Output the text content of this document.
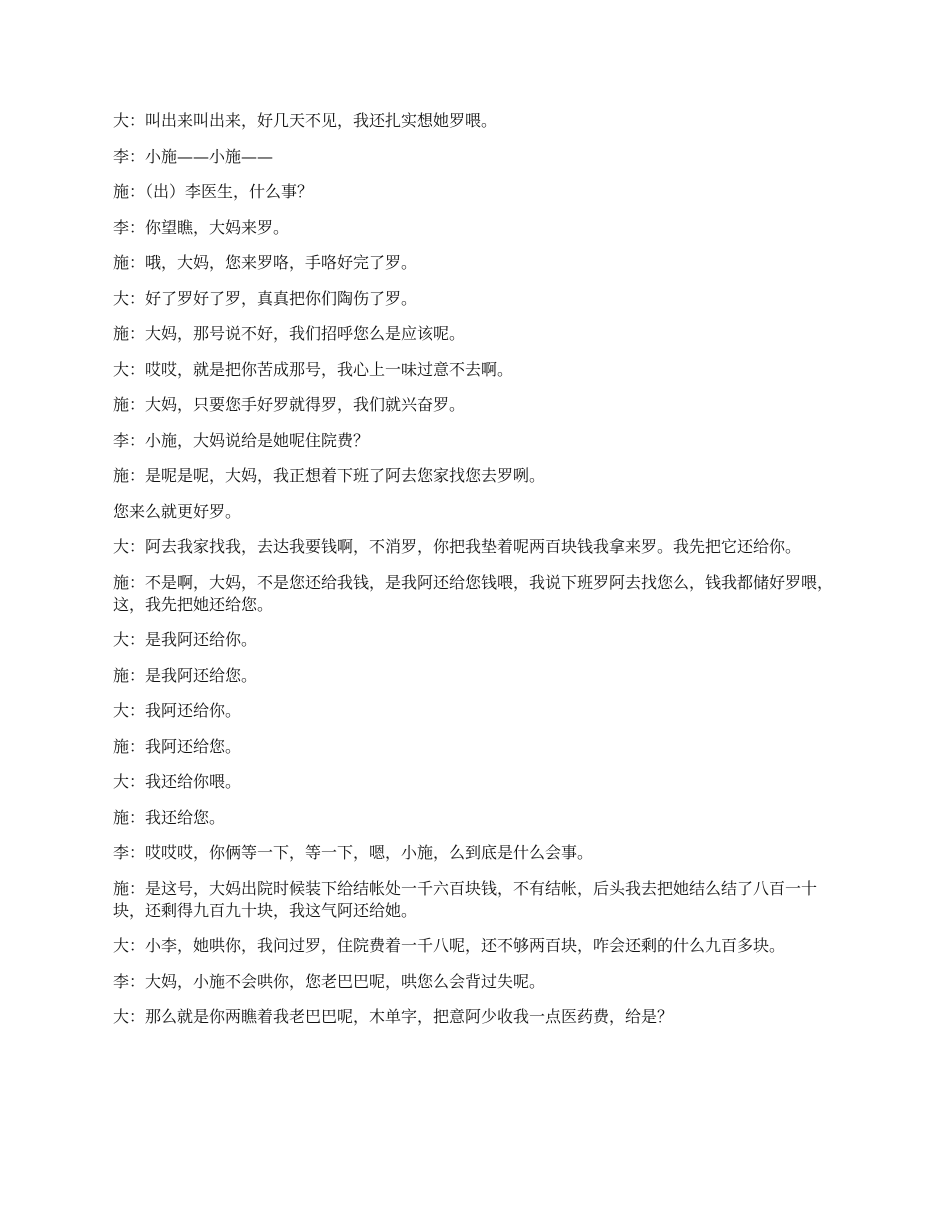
大：叫出来叫出来，好几天不见，我还扎实想她罗喂。

李：小施——小施——

施：（出）李医生，什么事？

李：你望瞧，大妈来罗。

施：哦，大妈，您来罗咯，手咯好完了罗。

大：好了罗好了罗，真真把你们陶伤了罗。

施：大妈，那号说不好，我们招呼您么是应该呢。

大：哎哎，就是把你苦成那号，我心上一味过意不去啊。

施：大妈，只要您手好罗就得罗，我们就兴奋罗。

李：小施，大妈说给是她呢住院费？

施：是呢是呢，大妈，我正想着下班了阿去您家找您去罗咧。

您来么就更好罗。

大：阿去我家找我，去达我要钱啊，不消罗，你把我垫着呢两百块钱我拿来罗。我先把它还给你。

施：不是啊，大妈，不是您还给我钱，是我阿还给您钱喂，我说下班罗阿去找您么，钱我都储好罗喂，这，我先把她还给您。

大：是我阿还给你。

施：是我阿还给您。

大：我阿还给你。

施：我阿还给您。

大：我还给你喂。

施：我还给您。

李：哎哎哎，你俩等一下，等一下，嗯，小施，么到底是什么会事。

施：是这号，大妈出院时候装下给结帐处一千六百块钱，不有结帐，后头我去把她结么结了八百一十块，还剩得九百九十块，我这气阿还给她。

大：小李，她哄你，我问过罗，住院费着一千八呢，还不够两百块，咋会还剩的什么九百多块。

李：大妈，小施不会哄你，您老巴巴呢，哄您么会背过失呢。

大：那么就是你两瞧着我老巴巴呢，木单字，把意阿少收我一点医药费，给是？
